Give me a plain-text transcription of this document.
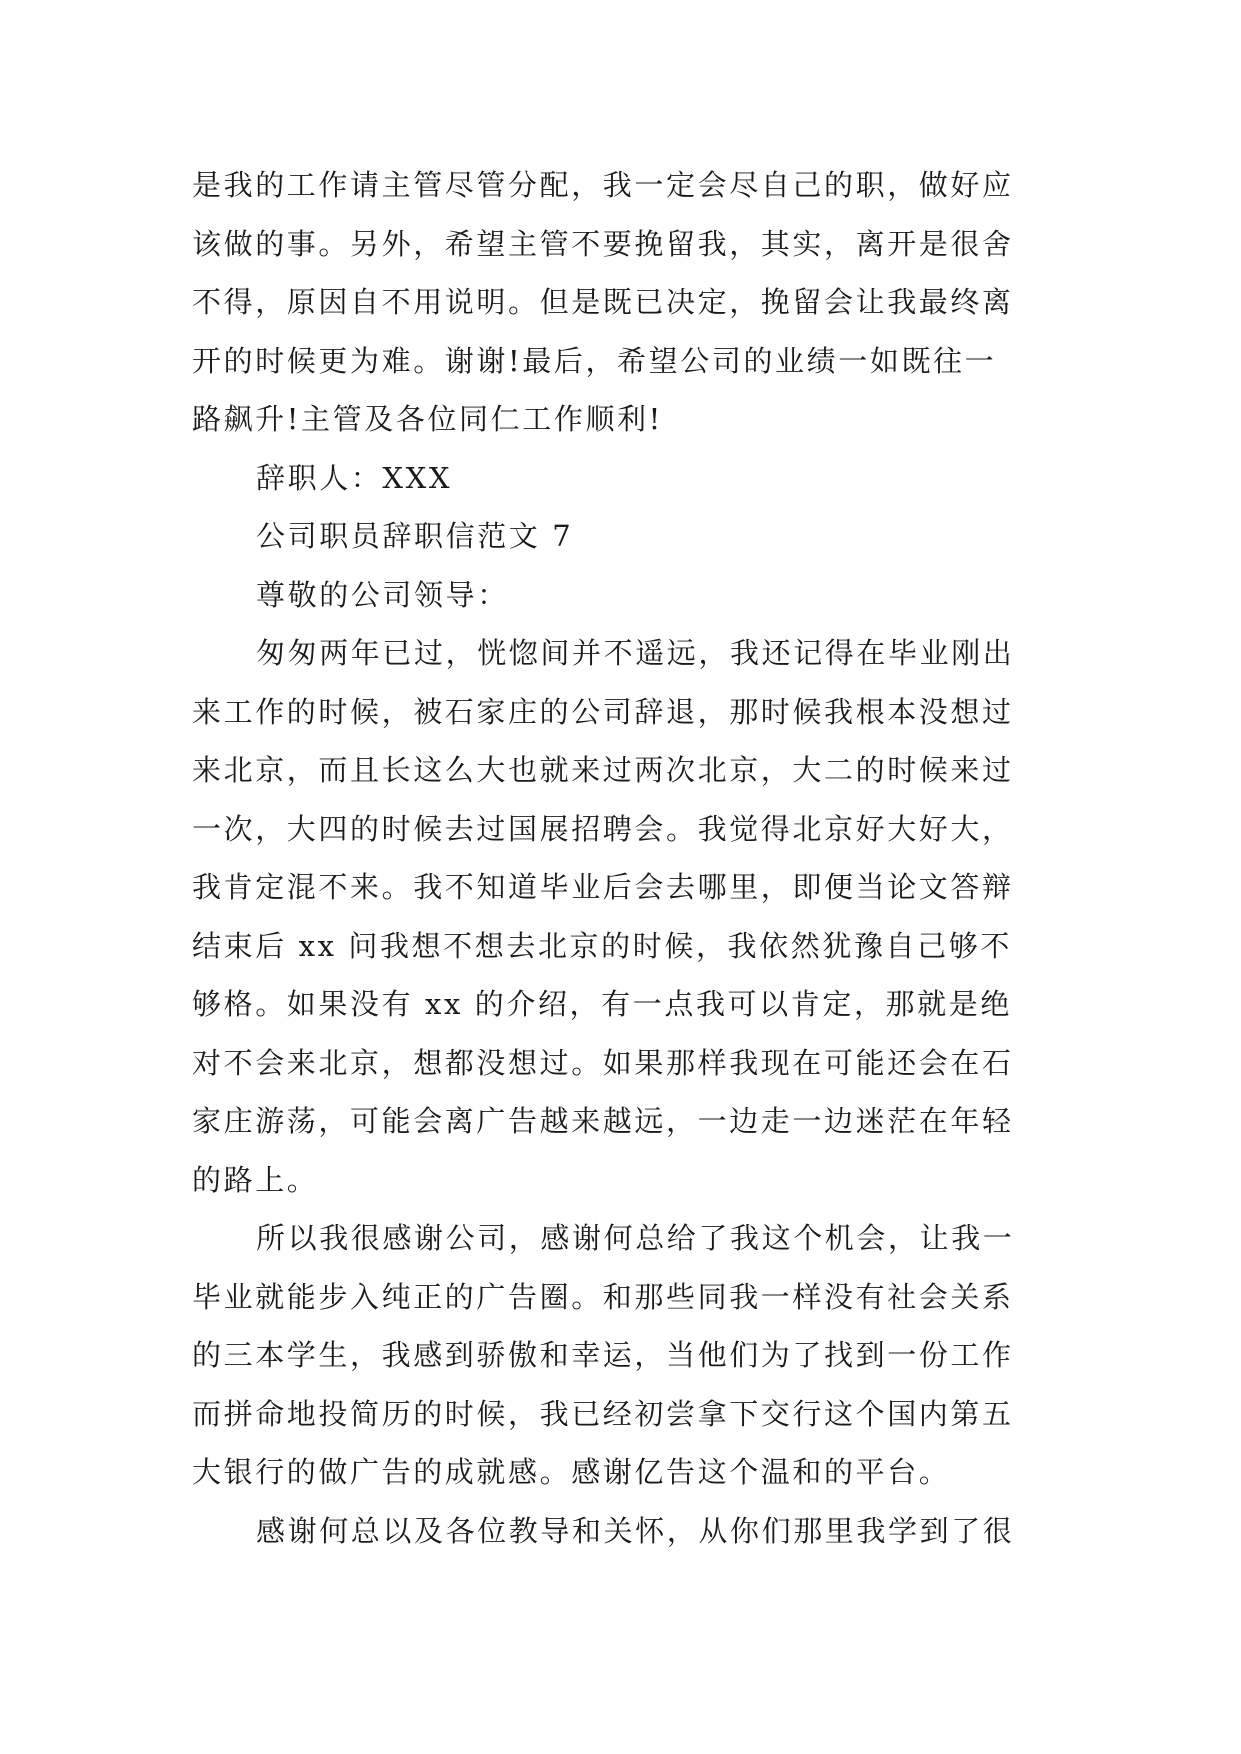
是我的工作请主管尽管分配，我一定会尽自己的职，做好应
该做的事。另外，希望主管不要挽留我，其实，离开是很舍
不得，原因自不用说明。但是既已决定，挽留会让我最终离
开的时候更为难。谢谢!最后，希望公司的业绩一如既往一
路飙升!主管及各位同仁工作顺利!

辞职人：XXX

公司职员辞职信范文 7

尊敬的公司领导：

匆匆两年已过，恍惚间并不遥远，我还记得在毕业刚出
来工作的时候，被石家庄的公司辞退，那时候我根本没想过
来北京，而且长这么大也就来过两次北京，大二的时候来过
一次，大四的时候去过国展招聘会。我觉得北京好大好大，
我肯定混不来。我不知道毕业后会去哪里，即便当论文答辩
结束后 xx 问我想不想去北京的时候，我依然犹豫自己够不
够格。如果没有 xx 的介绍，有一点我可以肯定，那就是绝
对不会来北京，想都没想过。如果那样我现在可能还会在石
家庄游荡，可能会离广告越来越远，一边走一边迷茫在年轻
的路上。

所以我很感谢公司，感谢何总给了我这个机会，让我一
毕业就能步入纯正的广告圈。和那些同我一样没有社会关系
的三本学生，我感到骄傲和幸运，当他们为了找到一份工作
而拼命地投简历的时候，我已经初尝拿下交行这个国内第五
大银行的做广告的成就感。感谢亿告这个温和的平台。

感谢何总以及各位教导和关怀，从你们那里我学到了很
